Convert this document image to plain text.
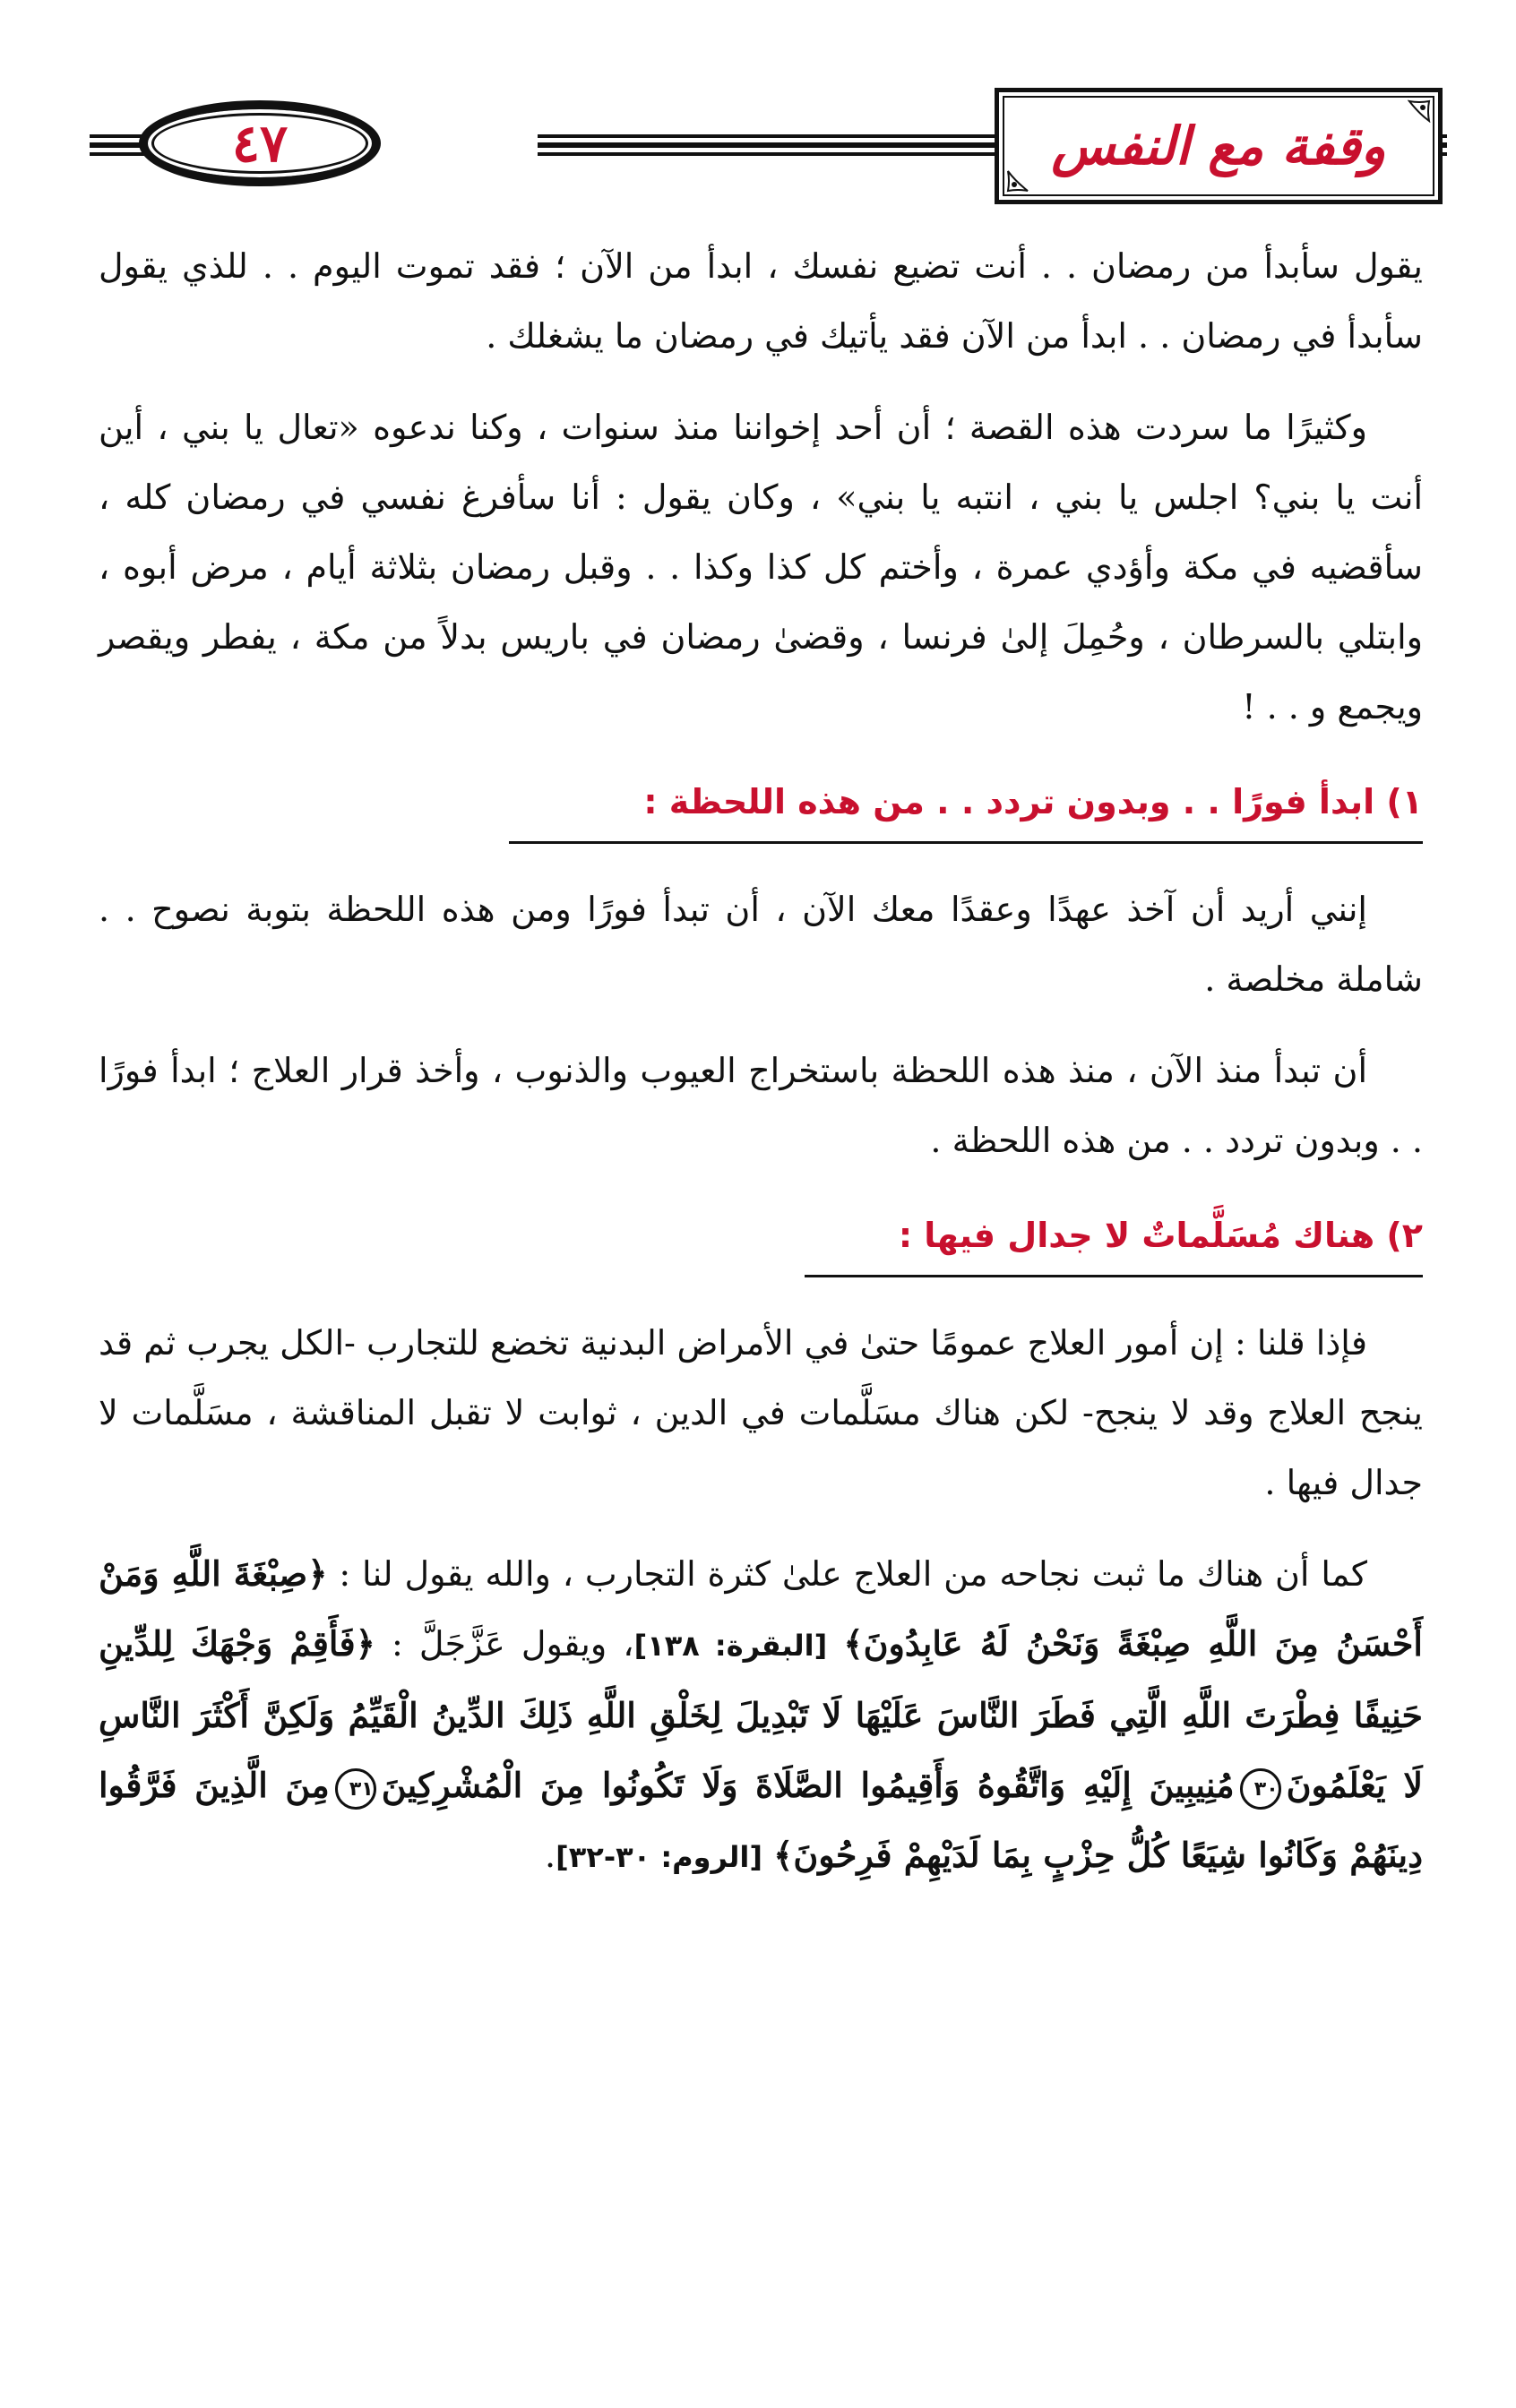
٤٧	وقفة مع النفس

يقول سأبدأ من رمضان . . أنت تضيع نفسك ، ابدأ من الآن ؛ فقد تموت اليوم . . للذي يقول سأبدأ في رمضان . . ابدأ من الآن فقد يأتيك في رمضان ما يشغلك .

وكثيرًا ما سردت هذه القصة ؛ أن أحد إخواننا منذ سنوات ، وكنا ندعوه «تعال يا بني ، أين أنت يا بني؟ اجلس يا بني ، انتبه يا بني» ، وكان يقول : أنا سأفرغ نفسي في رمضان كله ، سأقضيه في مكة وأؤدي عمرة ، وأختم كل كذا وكذا . . وقبل رمضان بثلاثة أيام ، مرض أبوه ، وابتلي بالسرطان ، وحُمِلَ إلىٰ فرنسا ، وقضىٰ رمضان في باريس بدلاً من مكة ، يفطر ويقصر ويجمع و . . !

١) ابدأ فورًا . . وبدون تردد . . من هذه اللحظة :

إنني أريد أن آخذ عهدًا وعقدًا معك الآن ، أن تبدأ فورًا ومن هذه اللحظة بتوبة نصوح . . شاملة مخلصة .

أن تبدأ منذ الآن ، منذ هذه اللحظة باستخراج العيوب والذنوب ، وأخذ قرار العلاج ؛ ابدأ فورًا . . وبدون تردد . . من هذه اللحظة .

٢) هناك مُسَلَّماتٌ لا جدال فيها :

فإذا قلنا : إن أمور العلاج عمومًا حتىٰ في الأمراض البدنية تخضع للتجارب -الكل يجرب ثم قد ينجح العلاج وقد لا ينجح- لكن هناك مسَلَّمات في الدين ، ثوابت لا تقبل المناقشة ، مسَلَّمات لا جدال فيها .

كما أن هناك ما ثبت نجاحه من العلاج علىٰ كثرة التجارب ، والله يقول لنا : ﴿صِبْغَةَ اللَّهِ وَمَنْ أَحْسَنُ مِنَ اللَّهِ صِبْغَةً وَنَحْنُ لَهُ عَابِدُونَ﴾ [البقرة: ١٣٨]، ويقول عَزَّجَلَّ : ﴿فَأَقِمْ وَجْهَكَ لِلدِّينِ حَنِيفًا فِطْرَتَ اللَّهِ الَّتِي فَطَرَ النَّاسَ عَلَيْهَا لَا تَبْدِيلَ لِخَلْقِ اللَّهِ ذَلِكَ الدِّينُ الْقَيِّمُ وَلَكِنَّ أَكْثَرَ النَّاسِ لَا يَعْلَمُونَ٣٠مُنِيبِينَ إِلَيْهِ وَاتَّقُوهُ وَأَقِيمُوا الصَّلَاةَ وَلَا تَكُونُوا مِنَ الْمُشْرِكِينَ٣١مِنَ الَّذِينَ فَرَّقُوا دِينَهُمْ وَكَانُوا شِيَعًا كُلُّ حِزْبٍ بِمَا لَدَيْهِمْ فَرِحُونَ﴾ [الروم: ٣٠-٣٢].
